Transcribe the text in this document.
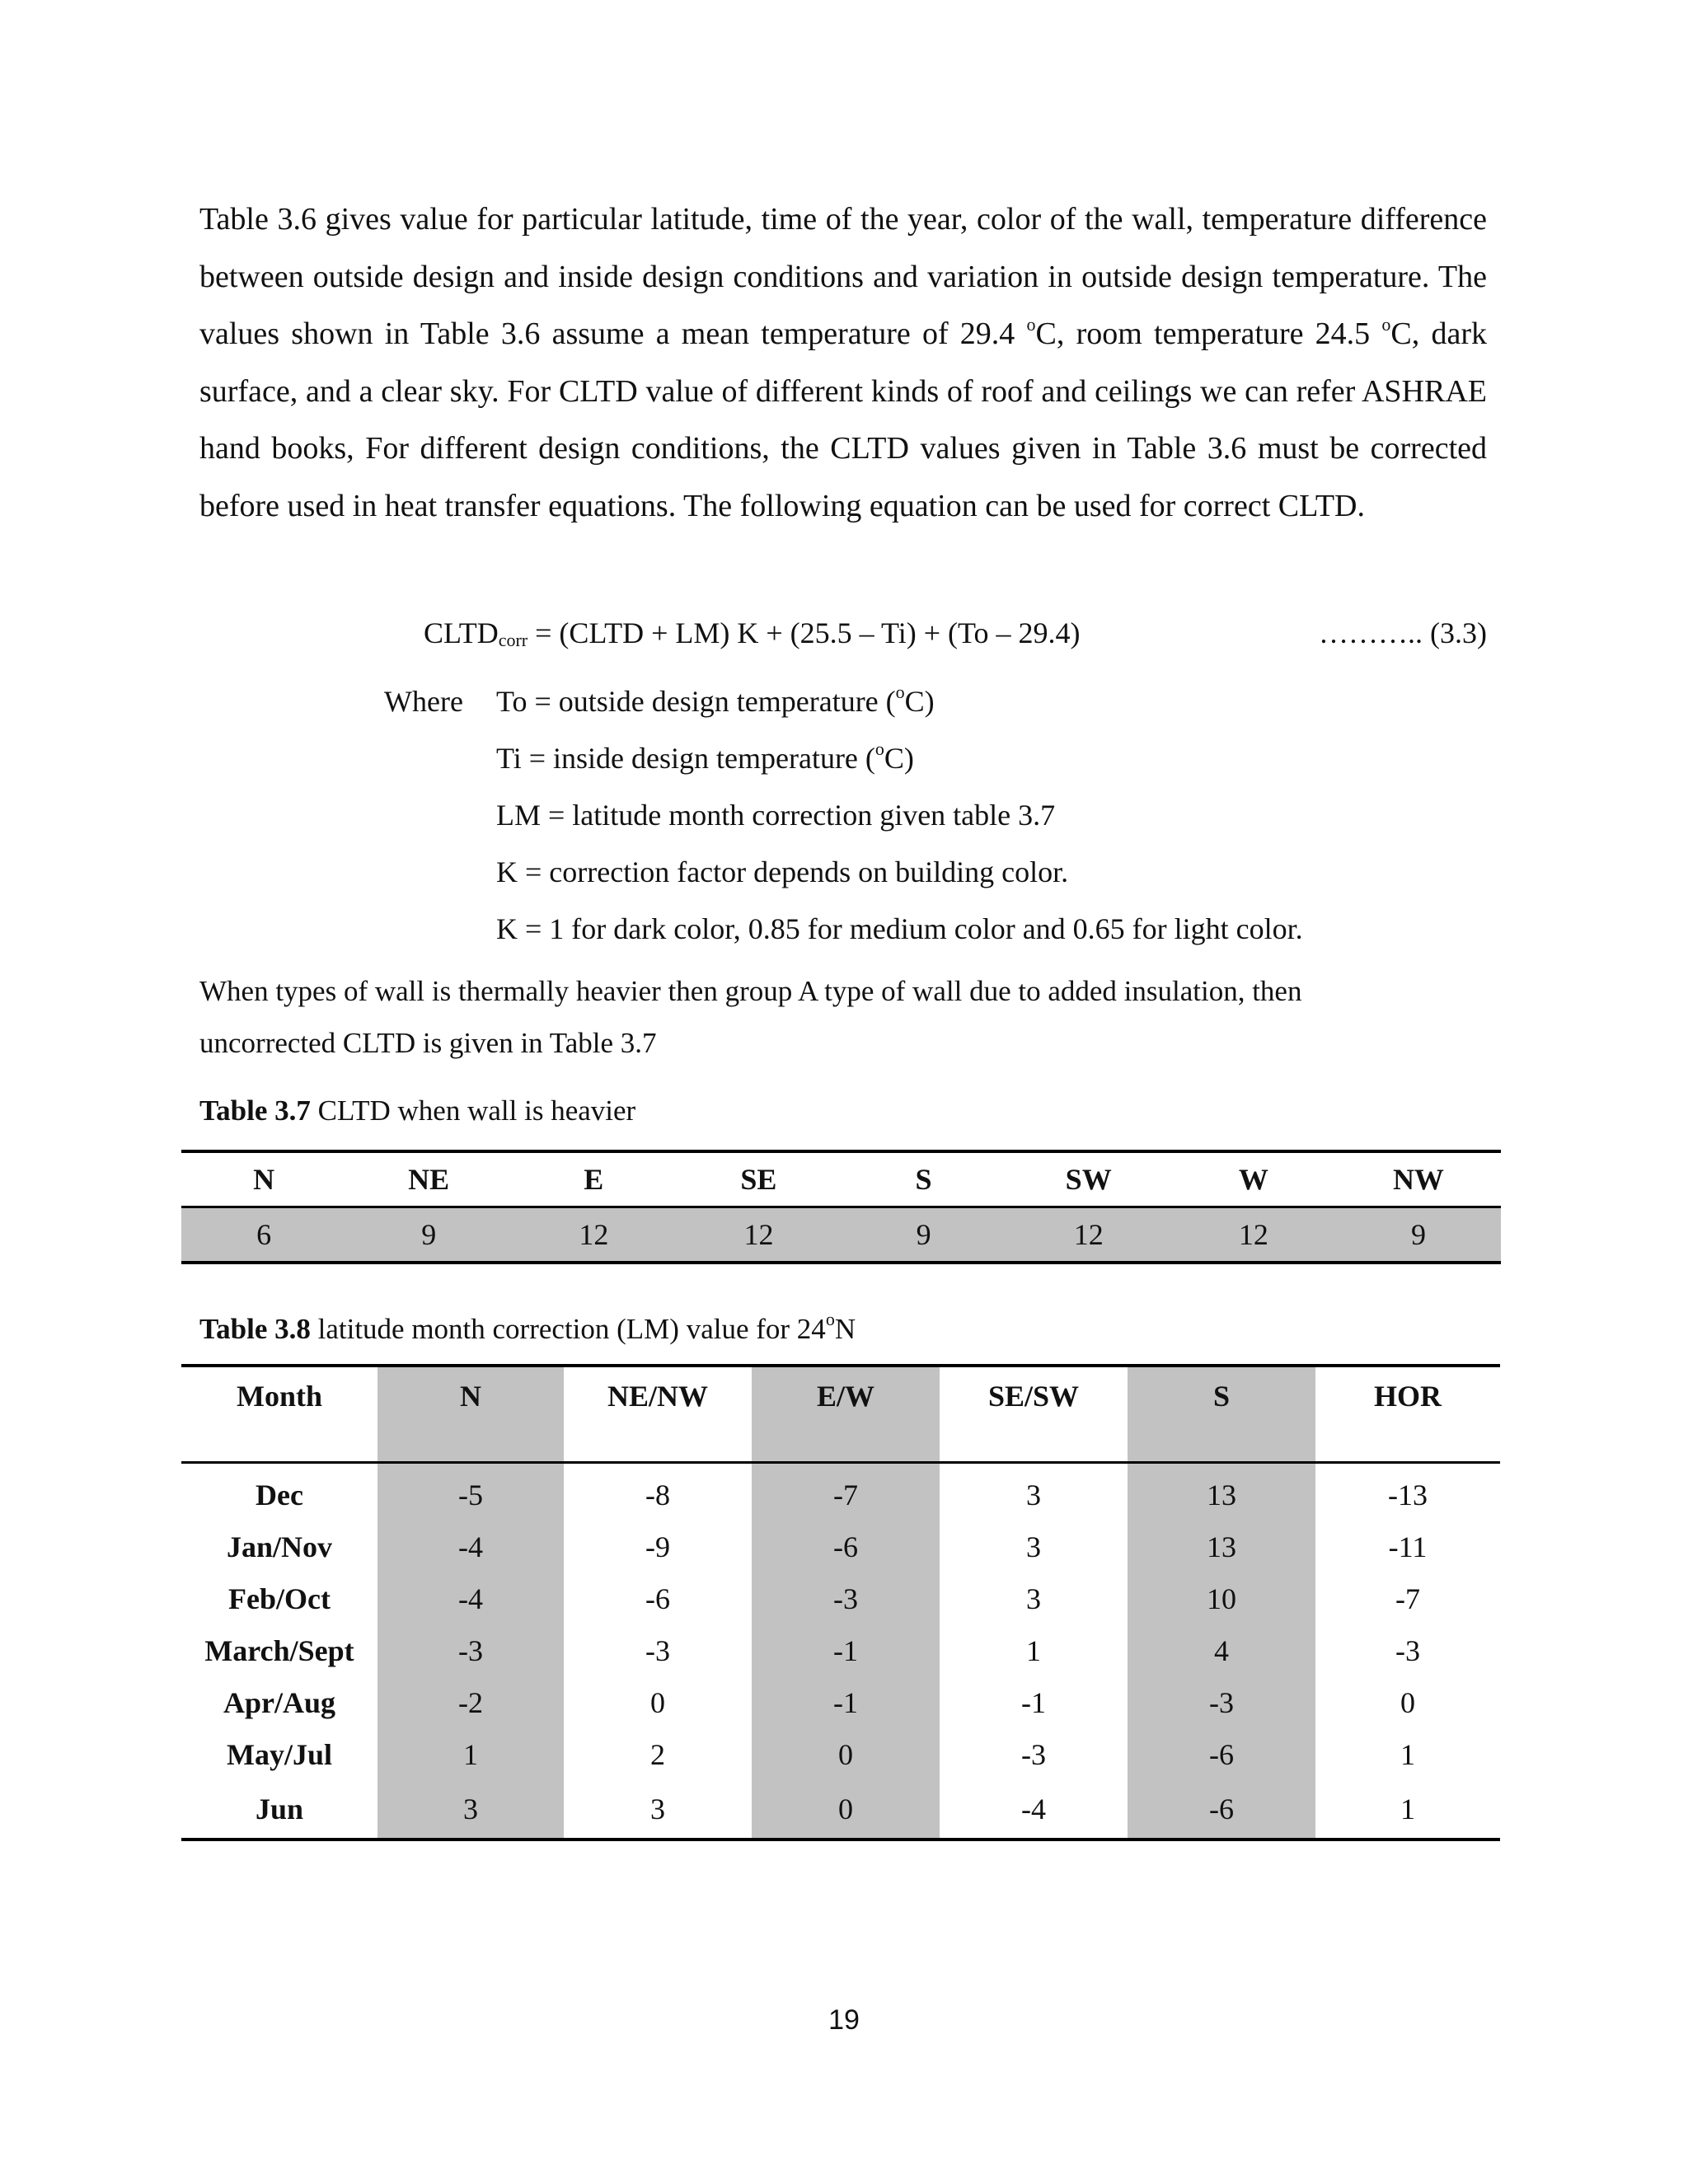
Table 3.6 gives value for particular latitude, time of the year, color of the wall, temperature difference between outside design and inside design conditions and variation in outside design temperature. The values shown in Table 3.6 assume a mean temperature of 29.4 $^o$C, room temperature 24.5 $^o$C, dark surface, and a clear sky. For CLTD value of different kinds of roof and ceilings we can refer ASHRAE hand books, For different design conditions, the CLTD values given in Table 3.6 must be corrected before used in heat transfer equations. The following equation can be used for correct CLTD.

$CLTD_{corr}$ = (CLTD + LM) K + (25.5 – Ti) + (To – 29.4)	……….. (3.3)
Where To = outside design temperature ($^o$C)
Ti = inside design temperature ($^o$C)
LM = latitude month correction given table 3.7
K = correction factor depends on building color.
K = 1 for dark color, 0.85 for medium color and 0.65 for light color.
When types of wall is thermally heavier then group A type of wall due to added insulation, then
uncorrected CLTD is given in Table 3.7
Table 3.7 CLTD when wall is heavier
N	NE	E	SE	S	SW	W	NW
6	9	12	12	9	12	12	9
Table 3.8 latitude month correction (LM) value for 24$^o$N
Month	N	NE/NW	E/W	SE/SW	S	HOR
Dec	-5	-8	-7	3	13	-13
Jan/Nov	-4	-9	-6	3	13	-11
Feb/Oct	-4	-6	-3	3	10	-7
March/Sept	-3	-3	-1	1	4	-3
Apr/Aug	-2	0	-1	-1	-3	0
May/Jul	1	2	0	-3	-6	1
Jun	3	3	0	-4	-6	1
19
